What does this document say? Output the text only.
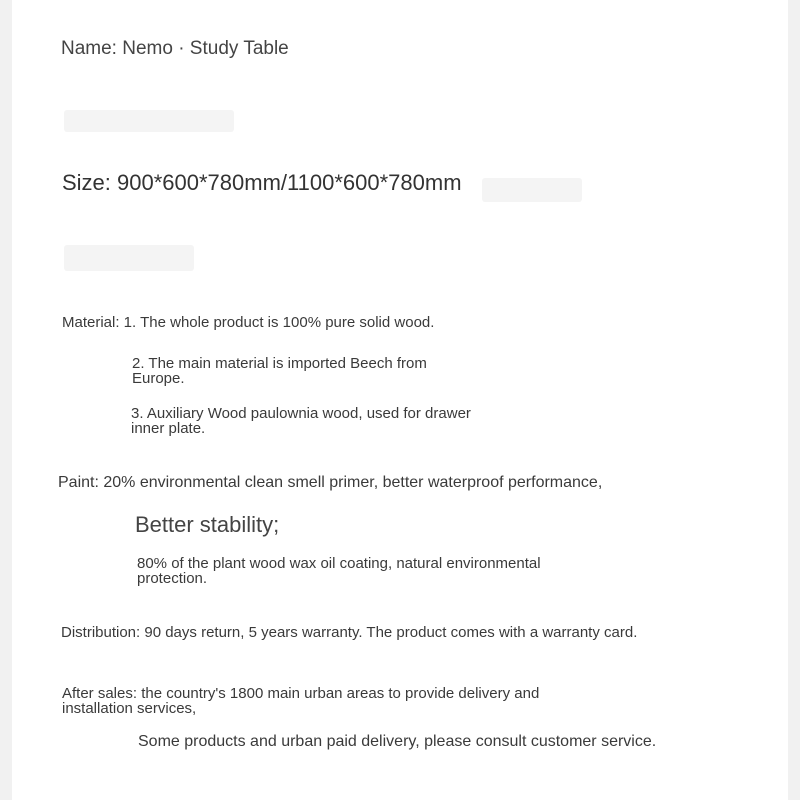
Name: Nemo · Study Table

Size: 900*600*780mm/1100*600*780mm

Material: 1. The whole product is 100% pure solid wood.

2. The main material is imported Beech from Europe.

3. Auxiliary Wood paulownia wood, used for drawer inner plate.

Paint: 20% environmental clean smell primer, better waterproof performance,

Better stability;

80% of the plant wood wax oil coating, natural environmental protection.

Distribution: 90 days return, 5 years warranty. The product comes with a warranty card.

After sales: the country's 1800 main urban areas to provide delivery and installation services,

Some products and urban paid delivery, please consult customer service.
